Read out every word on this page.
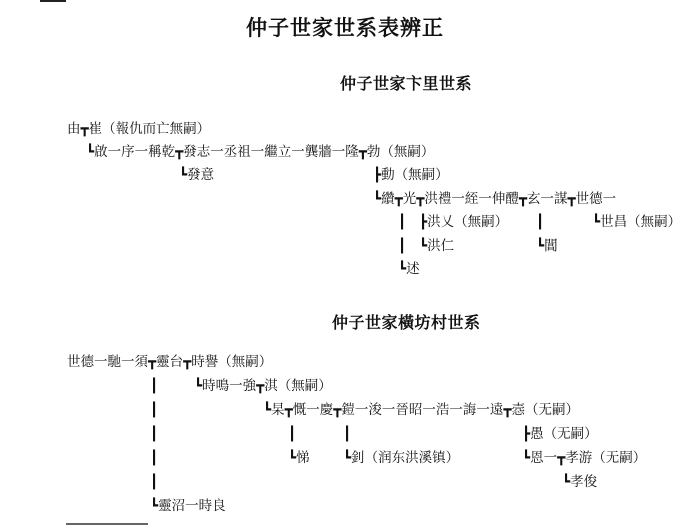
仲子世家世系表辨正
仲子世家卞里世系
由┳崔（報仇而亡無嗣）
┗啟一序一稱乾┳發志一丞祖一繼立一龔牆一隆┳勃（無嗣）
┗發意	┣動（無嗣）
┗纘┳光┳洪禮一絰一伸醴┳玄一謀┳世德一
┃   ┣洪乂（無嗣） ┃	┗世昌（無嗣）
┃   ┗洪仁	┗閶
┗述
仲子世家橫坊村世系
世德一馳一須┳靈台┳時譽（無嗣）
┃	┗時鳴一強┳淇（無嗣）
┃	┗杲┳慨一慶┳鎧一浚一晉昭一浩一誨一遠┳悫（无嗣）
┃	┃	┃	┣愚（无嗣）
┃	┗悌 ┗釗（润东洪溪镇）	┗恩一┳孝游（无嗣）
┃	┗孝俊
┗靈沼一時良
